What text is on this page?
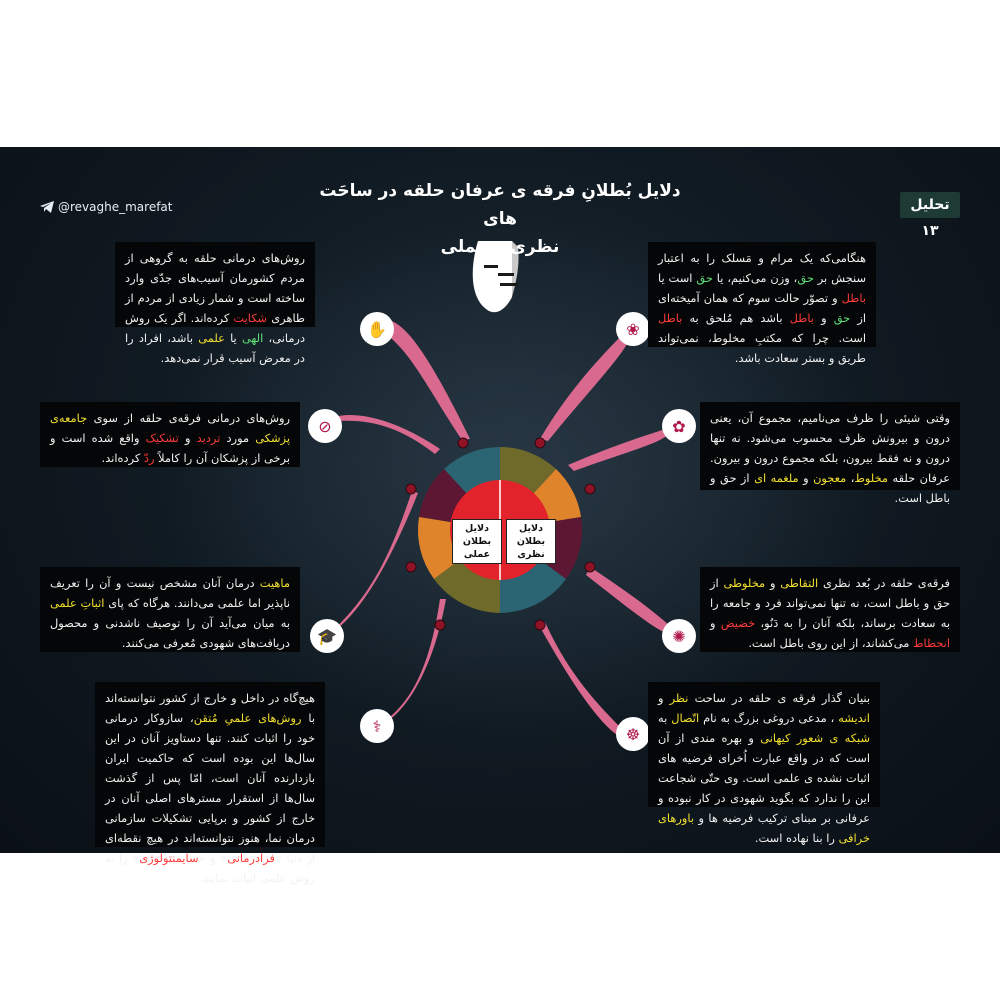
دلایل بُطلانِ فرقه ی عرفان حلقه در ساحَت های
نظری و عملی
@revaghe_marefat	تحلیل ۱۳
دلایل بطلان عملی
دلایل بطلان نظری
✋
⊘
🎓
⚕
❀
✿
✺
☸
روش‌های درمانی حلقه به گروهی از مردم کشورمان آسیب‌های جدّی وارد ساخته است و شمار زیادی از مردم از طاهری شکایت کرده‌اند. اگر یک روش درمانی، الهی یا علمی باشد، افراد را در معرض آسیب قرار نمی‌دهد.
روش‌های درمانی فرقه‌ی حلقه از سوی جامعه‌ی پزشکی مورد تردید و تشکیک واقع شده است و برخی از پزشکان آن را کاملاً ردّ کرده‌اند.
ماهیت درمان آنان مشخص نیست و آن را تعریف ناپذیر اما علمی می‌دانند. هرگاه که پای اثباتِ علمی به میان می‌آید آن را توصیف ناشدنی و محصول دریافت‌های شهودی مُعرفی می‌کنند.
هیچ‌گاه در داخل و خارج از کشور نتوانسته‌اند با روش‌های علمیِ مُتقن، سازوکار درمانی خود را اثبات کنند. تنها دستاویز آنان در این سال‌ها این بوده است که حاکمیت ایران بازدارنده آنان است، امّا پس از گذشت سال‌ها از استقرار مسترهای اصلی آنان در خارج از کشور و برپایی تشکیلات سازمانی درمان نما، هنوز نتوانسته‌اند در هیچ نقطه‌ای از دنیا «فرادرمانی» و «سایمنتولوژی» را به روش علمی اثبات نمایند.
هنگامی‌که یک مرام و مَسلک را به اعتبار سنجش بر حق، وزن می‌کنیم، یا حق است یا باطل و تصوّر حالت سوم که همان آمیخته‌ای از حق و باطل باشد هم مُلحق به باطل است. چرا که مکتبِ مخلوط، نمی‌تواند طریق و بستر سعادت باشد.
وقتی شیئی را ظرف می‌نامیم، مجموع آن، یعنی درون و بیرونش ظرف محسوب می‌شود. نه تنها درون و نه فقط بیرون، بلکه مجموع درون و بیرون. عرفان حلقه مخلوط، معجون و ملغمه ای از حق و باطل است.
فرقه‌ی حلقه در بُعد نظری التقاطی و مخلوطی از حق و باطل است، نه تنها نمی‌تواند فرد و جامعه را به سعادت برساند، بلکه آنان را به دَنُو، خضیض و انحطاط می‌کشاند، از این روی باطل است.
بنیان گذار فرقه ی حلقه در ساحت نظر و اندیشه ، مدعی دروغی بزرگ به نام اتّصال به شبکه ی شعور کیهانی و بهره مندی از آن است که در واقع عبارت اُخرای فرضیه های اثبات نشده ی علمی است. وی حتّی شجاعت این را ندارد که بگوید شهودی در کار نبوده و عرفانی بر مبنای ترکیب فرضیه ها و باورهای خرافی را بنا نهاده است.
